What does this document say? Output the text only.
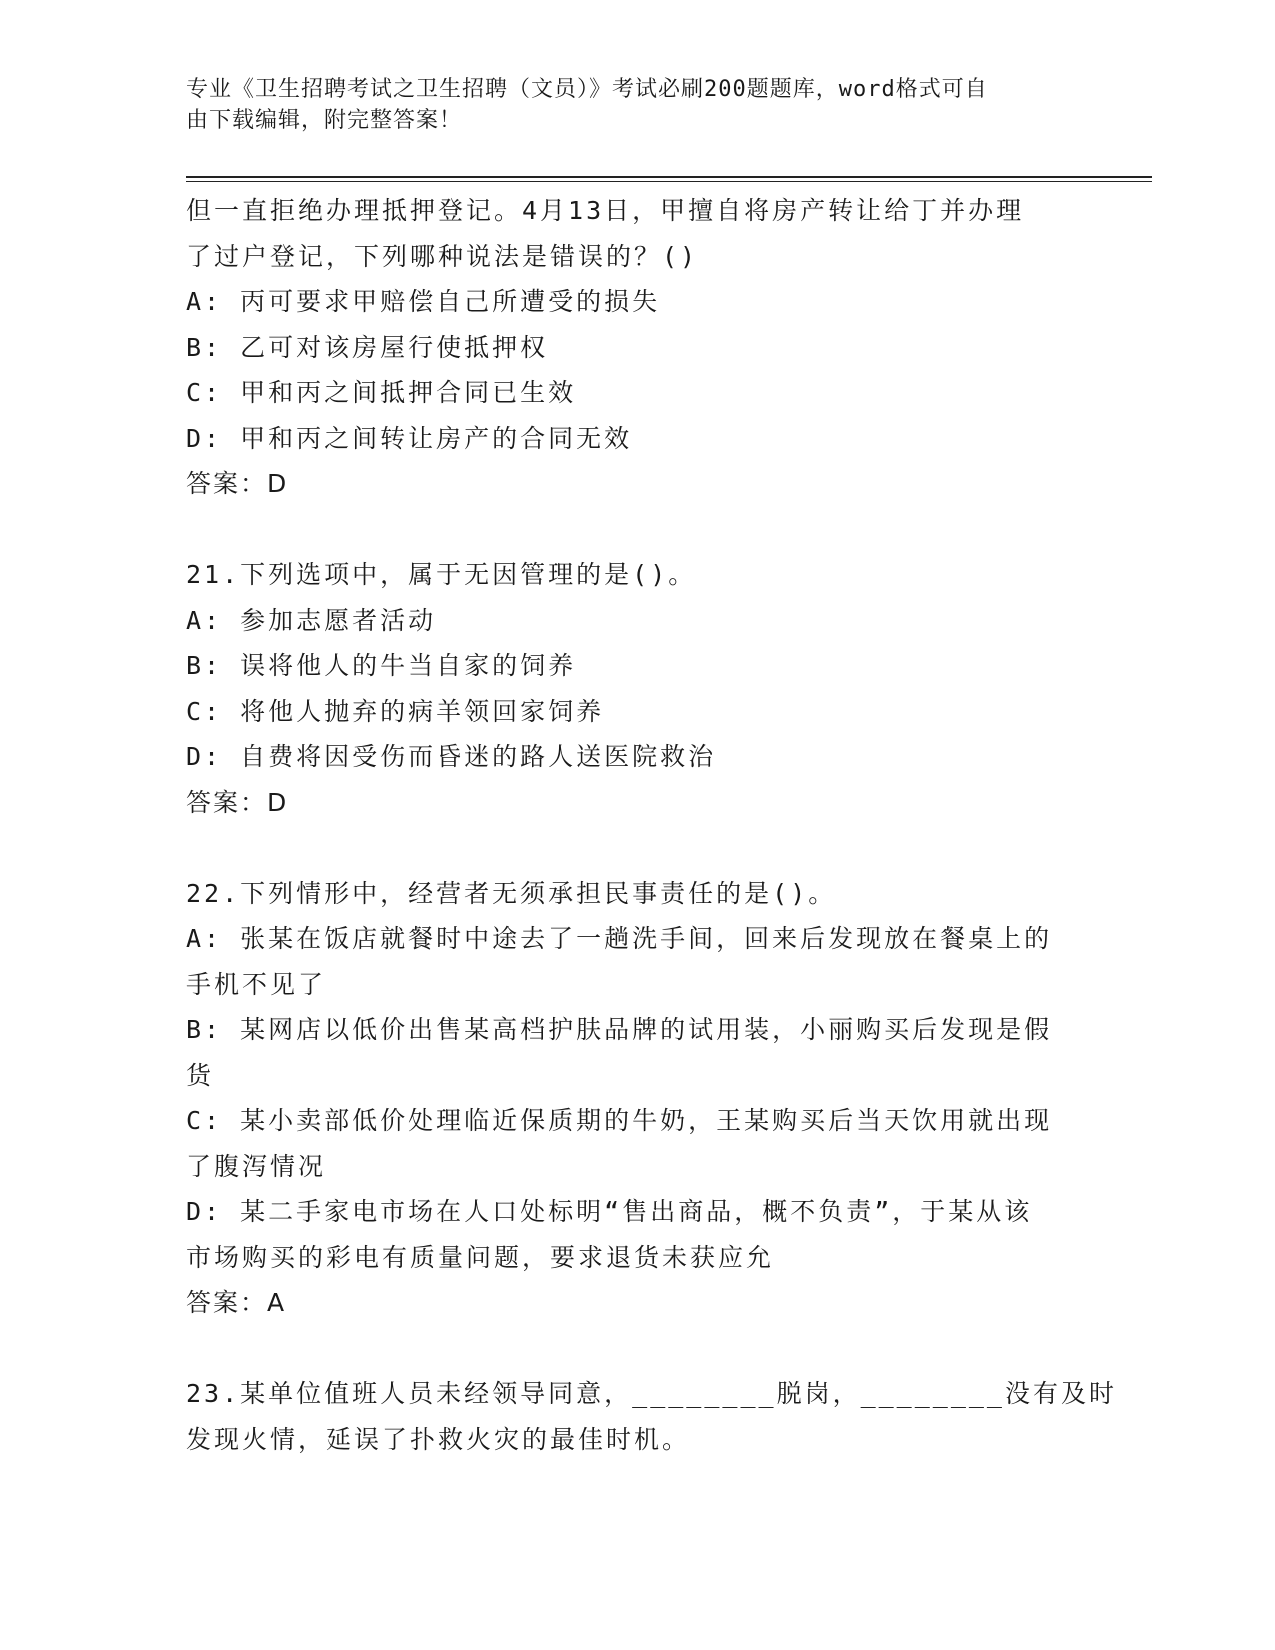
专业《卫生招聘考试之卫生招聘（文员）》考试必刷200题题库，word格式可自
由下载编辑，附完整答案！
但一直拒绝办理抵押登记。4月13日，甲擅自将房产转让给丁并办理
了过户登记，下列哪种说法是错误的？()
A: 丙可要求甲赔偿自己所遭受的损失
B: 乙可对该房屋行使抵押权
C: 甲和丙之间抵押合同已生效
D: 甲和丙之间转让房产的合同无效
答案：D
21.下列选项中，属于无因管理的是()。
A: 参加志愿者活动
B: 误将他人的牛当自家的饲养
C: 将他人抛弃的病羊领回家饲养
D: 自费将因受伤而昏迷的路人送医院救治
答案：D
22.下列情形中，经营者无须承担民事责任的是()。
A: 张某在饭店就餐时中途去了一趟洗手间，回来后发现放在餐桌上的
手机不见了
B: 某网店以低价出售某高档护肤品牌的试用装，小丽购买后发现是假
货
C: 某小卖部低价处理临近保质期的牛奶，王某购买后当天饮用就出现
了腹泻情况
D: 某二手家电市场在人口处标明“售出商品，概不负责”，于某从该
市场购买的彩电有质量问题，要求退货未获应允
答案：A
23.某单位值班人员未经领导同意，________脱岗，________没有及时
发现火情，延误了扑救火灾的最佳时机。
